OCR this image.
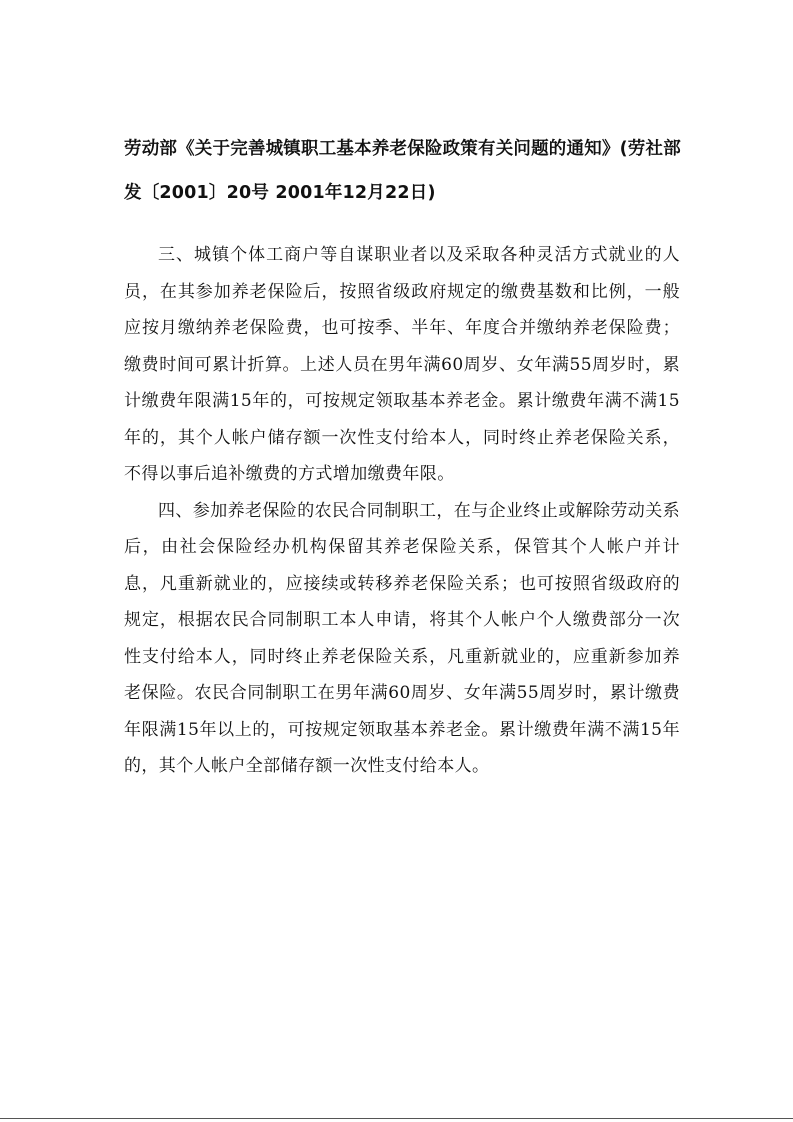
劳动部《关于完善城镇职工基本养老保险政策有关问题的通知》(劳社部发〔2001〕20号 2001年12月22日)

三、城镇个体工商户等自谋职业者以及采取各种灵活方式就业的人员，在其参加养老保险后，按照省级政府规定的缴费基数和比例，一般应按月缴纳养老保险费，也可按季、半年、年度合并缴纳养老保险费；缴费时间可累计折算。上述人员在男年满60周岁、女年满55周岁时，累计缴费年限满15年的，可按规定领取基本养老金。累计缴费年满不满15年的，其个人帐户储存额一次性支付给本人，同时终止养老保险关系，不得以事后追补缴费的方式增加缴费年限。

四、参加养老保险的农民合同制职工，在与企业终止或解除劳动关系后，由社会保险经办机构保留其养老保险关系，保管其个人帐户并计息，凡重新就业的，应接续或转移养老保险关系；也可按照省级政府的规定，根据农民合同制职工本人申请，将其个人帐户个人缴费部分一次性支付给本人，同时终止养老保险关系，凡重新就业的，应重新参加养老保险。农民合同制职工在男年满60周岁、女年满55周岁时，累计缴费年限满15年以上的，可按规定领取基本养老金。累计缴费年满不满15年的，其个人帐户全部储存额一次性支付给本人。
